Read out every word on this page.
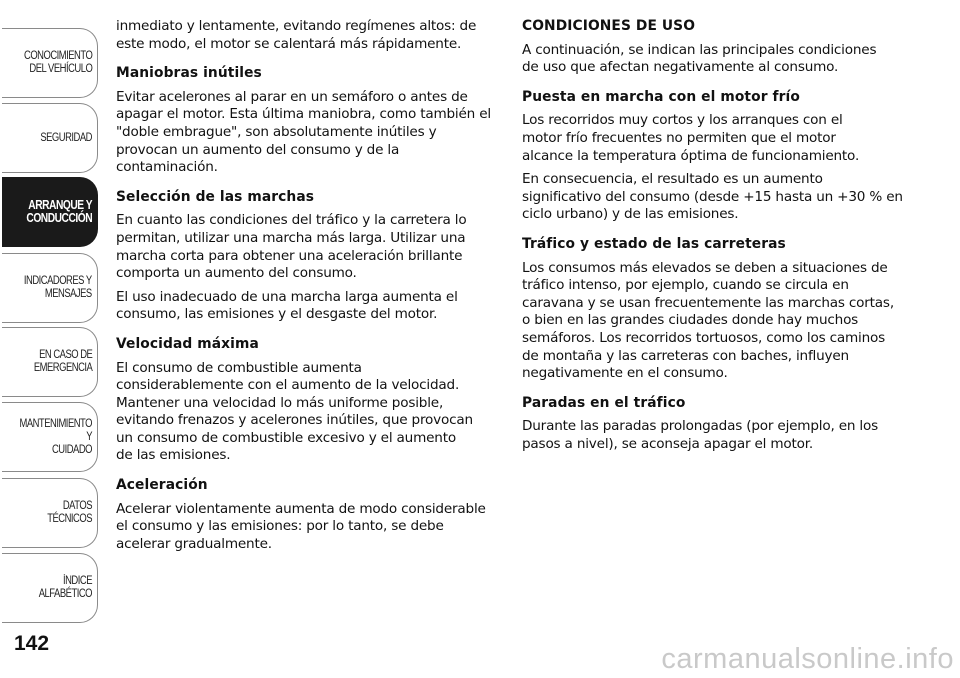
CONOCIMIENTO
DEL VEHÍCULO
SEGURIDAD
ARRANQUE Y
CONDUCCIÓN
INDICADORES Y
MENSAJES
EN CASO DE
EMERGENCIA
MANTENIMIENTO Y
CUIDADO
DATOS TÉCNICOS
ÍNDICE ALFABÉTICO
142

inmediato y lentamente, evitando regímenes altos: de
este modo, el motor se calentará más rápidamente.

Maniobras inútiles

Evitar acelerones al parar en un semáforo o antes de
apagar el motor. Esta última maniobra, como también el
"doble embrague", son absolutamente inútiles y
provocan un aumento del consumo y de la
contaminación.

Selección de las marchas

En cuanto las condiciones del tráfico y la carretera lo
permitan, utilizar una marcha más larga. Utilizar una
marcha corta para obtener una aceleración brillante
comporta un aumento del consumo.

El uso inadecuado de una marcha larga aumenta el
consumo, las emisiones y el desgaste del motor.

Velocidad máxima

El consumo de combustible aumenta
considerablemente con el aumento de la velocidad.
Mantener una velocidad lo más uniforme posible,
evitando frenazos y acelerones inútiles, que provocan
un consumo de combustible excesivo y el aumento
de las emisiones.

Aceleración

Acelerar violentamente aumenta de modo considerable
el consumo y las emisiones: por lo tanto, se debe
acelerar gradualmente.

CONDICIONES DE USO

A continuación, se indican las principales condiciones
de uso que afectan negativamente al consumo.

Puesta en marcha con el motor frío

Los recorridos muy cortos y los arranques con el
motor frío frecuentes no permiten que el motor
alcance la temperatura óptima de funcionamiento.

En consecuencia, el resultado es un aumento
significativo del consumo (desde +15 hasta un +30 % en
ciclo urbano) y de las emisiones.

Tráfico y estado de las carreteras

Los consumos más elevados se deben a situaciones de
tráfico intenso, por ejemplo, cuando se circula en
caravana y se usan frecuentemente las marchas cortas,
o bien en las grandes ciudades donde hay muchos
semáforos. Los recorridos tortuosos, como los caminos
de montaña y las carreteras con baches, influyen
negativamente en el consumo.

Paradas en el tráfico

Durante las paradas prolongadas (por ejemplo, en los
pasos a nivel), se aconseja apagar el motor.

carmanualsonline.info
